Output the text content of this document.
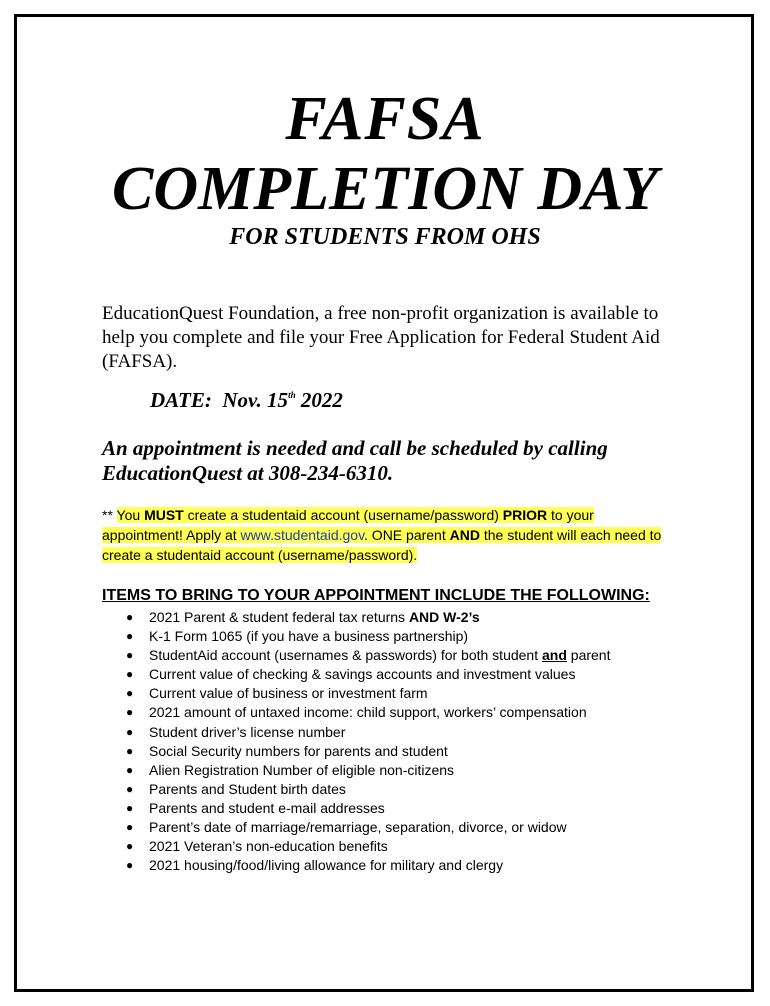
FAFSA
COMPLETION DAY
FOR STUDENTS FROM OHS
EducationQuest Foundation, a free non-profit organization is available to help you complete and file your Free Application for Federal Student Aid (FAFSA).
DATE: Nov. 15th 2022
An appointment is needed and call be scheduled by calling EducationQuest at 308-234-6310.
** You MUST create a studentaid account (username/password) PRIOR to your appointment! Apply at www.studentaid.gov. ONE parent AND the student will each need to create a studentaid account (username/password).
ITEMS TO BRING TO YOUR APPOINTMENT INCLUDE THE FOLLOWING:
● 2021 Parent & student federal tax returns AND W-2’s
● K-1 Form 1065 (if you have a business partnership)
● StudentAid account (usernames & passwords) for both student and parent
● Current value of checking & savings accounts and investment values
● Current value of business or investment farm
● 2021 amount of untaxed income: child support, workers’ compensation
● Student driver’s license number
● Social Security numbers for parents and student
● Alien Registration Number of eligible non-citizens
● Parents and Student birth dates
● Parents and student e-mail addresses
● Parent’s date of marriage/remarriage, separation, divorce, or widow
● 2021 Veteran’s non-education benefits
● 2021 housing/food/living allowance for military and clergy
